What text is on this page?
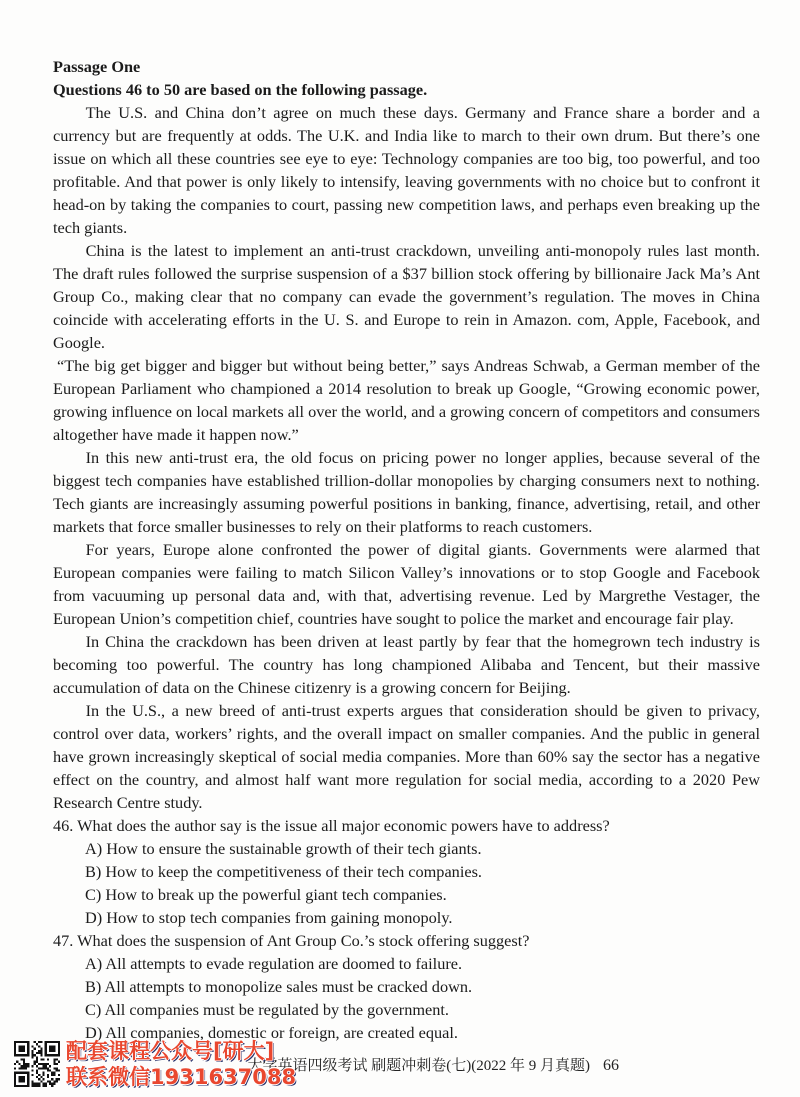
Passage One

Questions 46 to 50 are based on the following passage.

The U.S. and China don’t agree on much these days. Germany and France share a border and a currency but are frequently at odds. The U.K. and India like to march to their own drum. But there’s one issue on which all these countries see eye to eye: Technology companies are too big, too powerful, and too profitable. And that power is only likely to intensify, leaving governments with no choice but to confront it head-on by taking the companies to court, passing new competition laws, and perhaps even breaking up the tech giants.

China is the latest to implement an anti-trust crackdown, unveiling anti-monopoly rules last month. The draft rules followed the surprise suspension of a $37 billion stock offering by billionaire Jack Ma’s Ant Group Co., making clear that no company can evade the government’s regulation. The moves in China coincide with accelerating efforts in the U. S. and Europe to rein in Amazon. com, Apple, Facebook, and Google.

“The big get bigger and bigger but without being better,” says Andreas Schwab, a German member of the European Parliament who championed a 2014 resolution to break up Google, “Growing economic power, growing influence on local markets all over the world, and a growing concern of competitors and consumers altogether have made it happen now.”

In this new anti-trust era, the old focus on pricing power no longer applies, because several of the biggest tech companies have established trillion-dollar monopolies by charging consumers next to nothing. Tech giants are increasingly assuming powerful positions in banking, finance, advertising, retail, and other markets that force smaller businesses to rely on their platforms to reach customers.

For years, Europe alone confronted the power of digital giants. Governments were alarmed that European companies were failing to match Silicon Valley’s innovations or to stop Google and Facebook from vacuuming up personal data and, with that, advertising revenue. Led by Margrethe Vestager, the European Union’s competition chief, countries have sought to police the market and encourage fair play.

In China the crackdown has been driven at least partly by fear that the homegrown tech industry is becoming too powerful. The country has long championed Alibaba and Tencent, but their massive accumulation of data on the Chinese citizenry is a growing concern for Beijing.

In the U.S., a new breed of anti-trust experts argues that consideration should be given to privacy, control over data, workers’ rights, and the overall impact on smaller companies. And the public in general have grown increasingly skeptical of social media companies. More than 60% say the sector has a negative effect on the country, and almost half want more regulation for social media, according to a 2020 Pew Research Centre study.

46. What does the author say is the issue all major economic powers have to address?

A) How to ensure the sustainable growth of their tech giants.

B) How to keep the competitiveness of their tech companies.

C) How to break up the powerful giant tech companies.

D) How to stop tech companies from gaining monopoly.

47. What does the suspension of Ant Group Co.’s stock offering suggest?

A) All attempts to evade regulation are doomed to failure.

B) All attempts to monopolize sales must be cracked down.

C) All companies must be regulated by the government.

D) All companies, domestic or foreign, are created equal.

大学英语四级考试 刷题冲刺卷(七)(2022 年 9 月真题) 66
配套课程公众号[研大]
联系微信1931637088
